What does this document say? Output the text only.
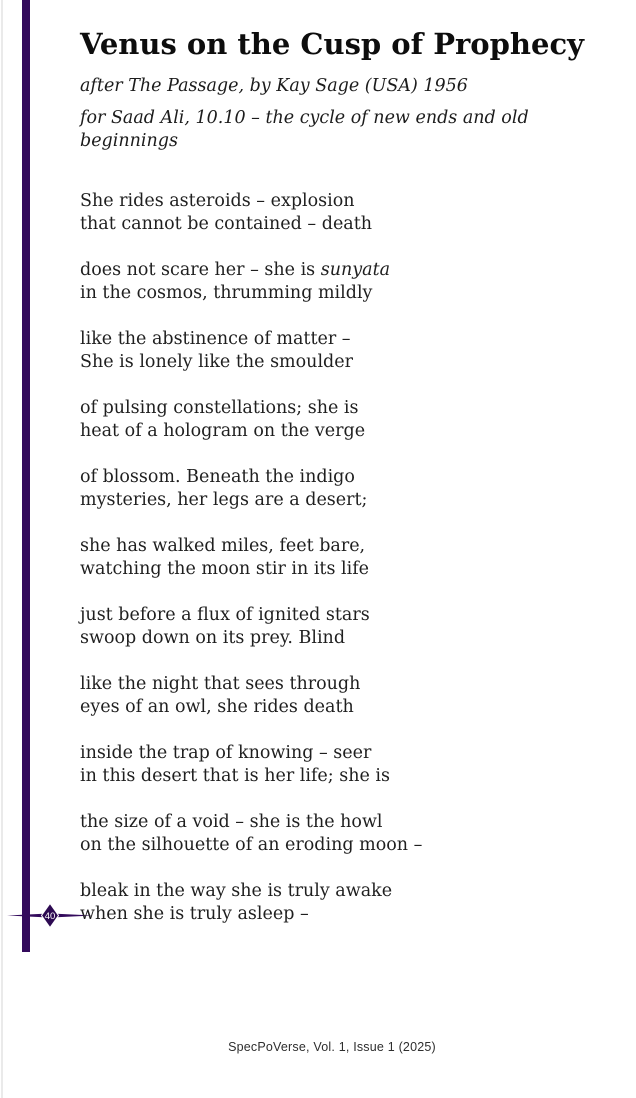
40
Venus on the Cusp of Prophecy

after The Passage, by Kay Sage (USA) 1956

for Saad Ali, 10.10 – the cycle of new ends and old beginnings

She rides asteroids – explosion
that cannot be contained – death
does not scare her – she is sunyata
in the cosmos, thrumming mildly
like the abstinence of matter –
She is lonely like the smoulder
of pulsing constellations; she is
heat of a hologram on the verge
of blossom. Beneath the indigo
mysteries, her legs are a desert;
she has walked miles, feet bare,
watching the moon stir in its life
just before a flux of ignited stars
swoop down on its prey. Blind
like the night that sees through
eyes of an owl, she rides death
inside the trap of knowing – seer
in this desert that is her life; she is
the size of a void – she is the howl
on the silhouette of an eroding moon –
bleak in the way she is truly awake
when she is truly asleep –
SpecPoVerse, Vol. 1, Issue 1 (2025)
